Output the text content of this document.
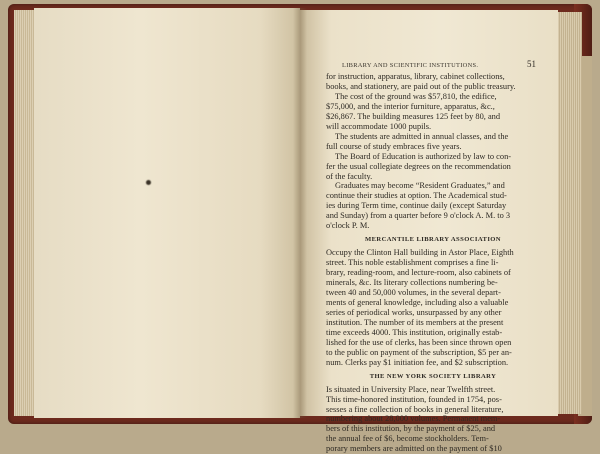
LIBRARY AND SCIENTIFIC INSTITUTIONS.	51
for instruction, apparatus, library, cabinet collections,
books, and stationery, are paid out of the public treasury.
The cost of the ground was $57,810, the edifice,
$75,000, and the interior furniture, apparatus, &c.,
$26,867. The building measures 125 feet by 80, and
will accommodate 1000 pupils.
The students are admitted in annual classes, and the
full course of study embraces five years.
The Board of Education is authorized by law to con-
fer the usual collegiate degrees on the recommendation
of the faculty.
Graduates may become “Resident Graduates,” and
continue their studies at option. The Academical stud-
ies during Term time, continue daily (except Saturday
and Sunday) from a quarter before 9 o'clock A. M. to 3
o'clock P. M.
MERCANTILE LIBRARY ASSOCIATION
Occupy the Clinton Hall building in Astor Place, Eighth
street. This noble establishment comprises a fine li-
brary, reading-room, and lecture-room, also cabinets of
minerals, &c. Its literary collections numbering be-
tween 40 and 50,000 volumes, in the several depart-
ments of general knowledge, including also a valuable
series of periodical works, unsurpassed by any other
institution. The number of its members at the present
time exceeds 4000. This institution, originally estab-
lished for the use of clerks, has been since thrown open
to the public on payment of the subscription, $5 per an-
num. Clerks pay $1 initiation fee, and $2 subscription.
THE NEW YORK SOCIETY LIBRARY
Is situated in University Place, near Twelfth street.
This time-honored institution, founded in 1754, pos-
sesses a fine collection of books in general literature,
numbering about 28,000 volumes. Permanent mem-
bers of this institution, by the payment of $25, and
the annual fee of $6, become stockholders. Tem-
porary members are admitted on the payment of $10
